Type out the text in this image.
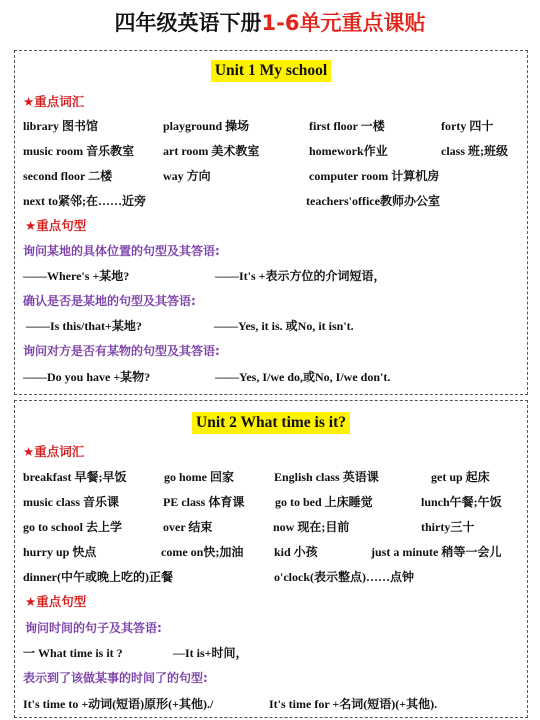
四年级英语下册1-6单元重点课贴
Unit 1 My school
★重点词汇
library 图书馆	playground 操场	first floor 一楼	forty 四十
music room 音乐教室 art room 美术教室	homework作业	class 班;班级
second floor 二楼	way 方向	computer room 计算机房
next to紧邻;在……近旁	teachers'office教师办公室
★重点句型
询问某地的具体位置的句型及其答语:
——Where's +某地?	——It's +表示方位的介词短语，
确认是否是某地的句型及其答语:
——Is this/that+某地?	——Yes, it is. 或No, it isn't.
询问对方是否有某物的句型及其答语:
——Do you have +某物?	——Yes, I/we do,或No, I/we don't.
Unit 2 What time is it?
★重点词汇
breakfast 早餐;早饭	go home 回家	English class 英语课	get up 起床
music class 音乐课	PE class 体育课	go to bed 上床睡觉	lunch午餐;午饭
go to school 去上学	over 结束	now 现在;目前	thirty三十
hurry up 快点	come on快;加油	kid 小孩	just a minute 稍等一会儿
dinner(中午或晚上吃的)正餐	o'clock(表示整点)……点钟
★重点句型
询问时间的句子及其答语:
一 What time is it ?	—It is+时间，
表示到了该做某事的时间了的句型:
It's time to +动词(短语)原形(+其他)./	It's time for +名词(短语)(+其他).
